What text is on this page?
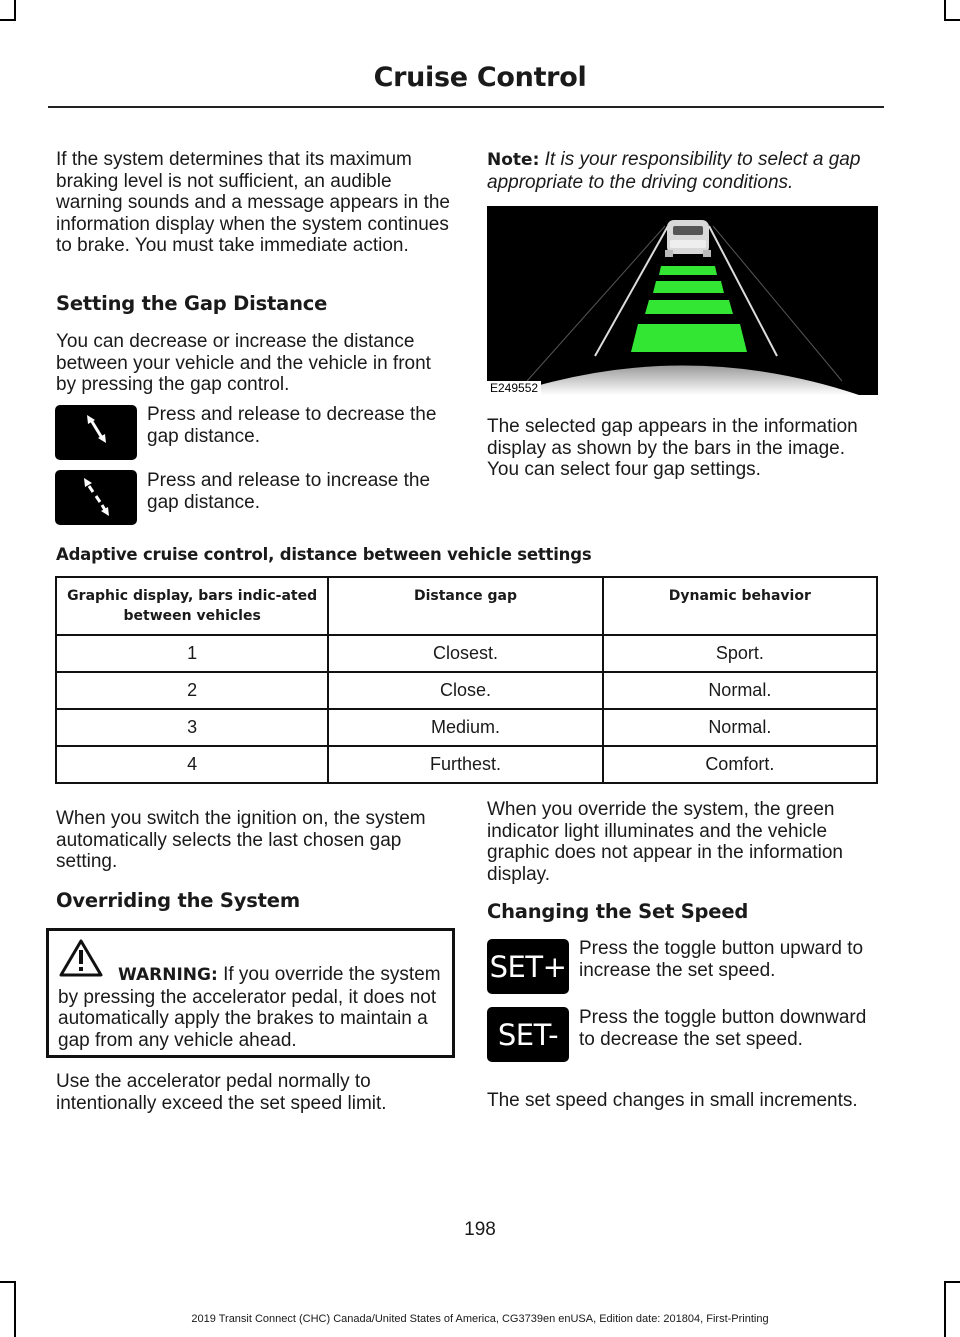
Cruise Control
If the system determines that its maximum braking level is not sufficient, an audible warning sounds and a message appears in the information display when the system continues to brake. You must take immediate action.
Setting the Gap Distance
You can decrease or increase the distance between your vehicle and the vehicle in front by pressing the gap control.
Press and release to decrease the gap distance.
Press and release to increase the gap distance.
Note: It is your responsibility to select a gap appropriate to the driving conditions.
E249552
The selected gap appears in the information display as shown by the bars in the image. You can select four gap settings.
Adaptive cruise control, distance between vehicle settings
Graphic display, bars indic-ated between vehicles	Distance gap	Dynamic behavior
1	Closest.	Sport.
2	Close.	Normal.
3	Medium.	Normal.
4	Furthest.	Comfort.
When you switch the ignition on, the system automatically selects the last chosen gap setting.
Overriding the System
WARNING: If you override the system by pressing the accelerator pedal, it does not automatically apply the brakes to maintain a gap from any vehicle ahead.
Use the accelerator pedal normally to intentionally exceed the set speed limit.
When you override the system, the green indicator light illuminates and the vehicle graphic does not appear in the information display.
Changing the Set Speed
SET+
Press the toggle button upward to increase the set speed.
SET-	Press the toggle button downward to decrease the set speed.
The set speed changes in small increments.
198
2019 Transit Connect (CHC) Canada/United States of America, CG3739en enUSA, Edition date: 201804, First-Printing
